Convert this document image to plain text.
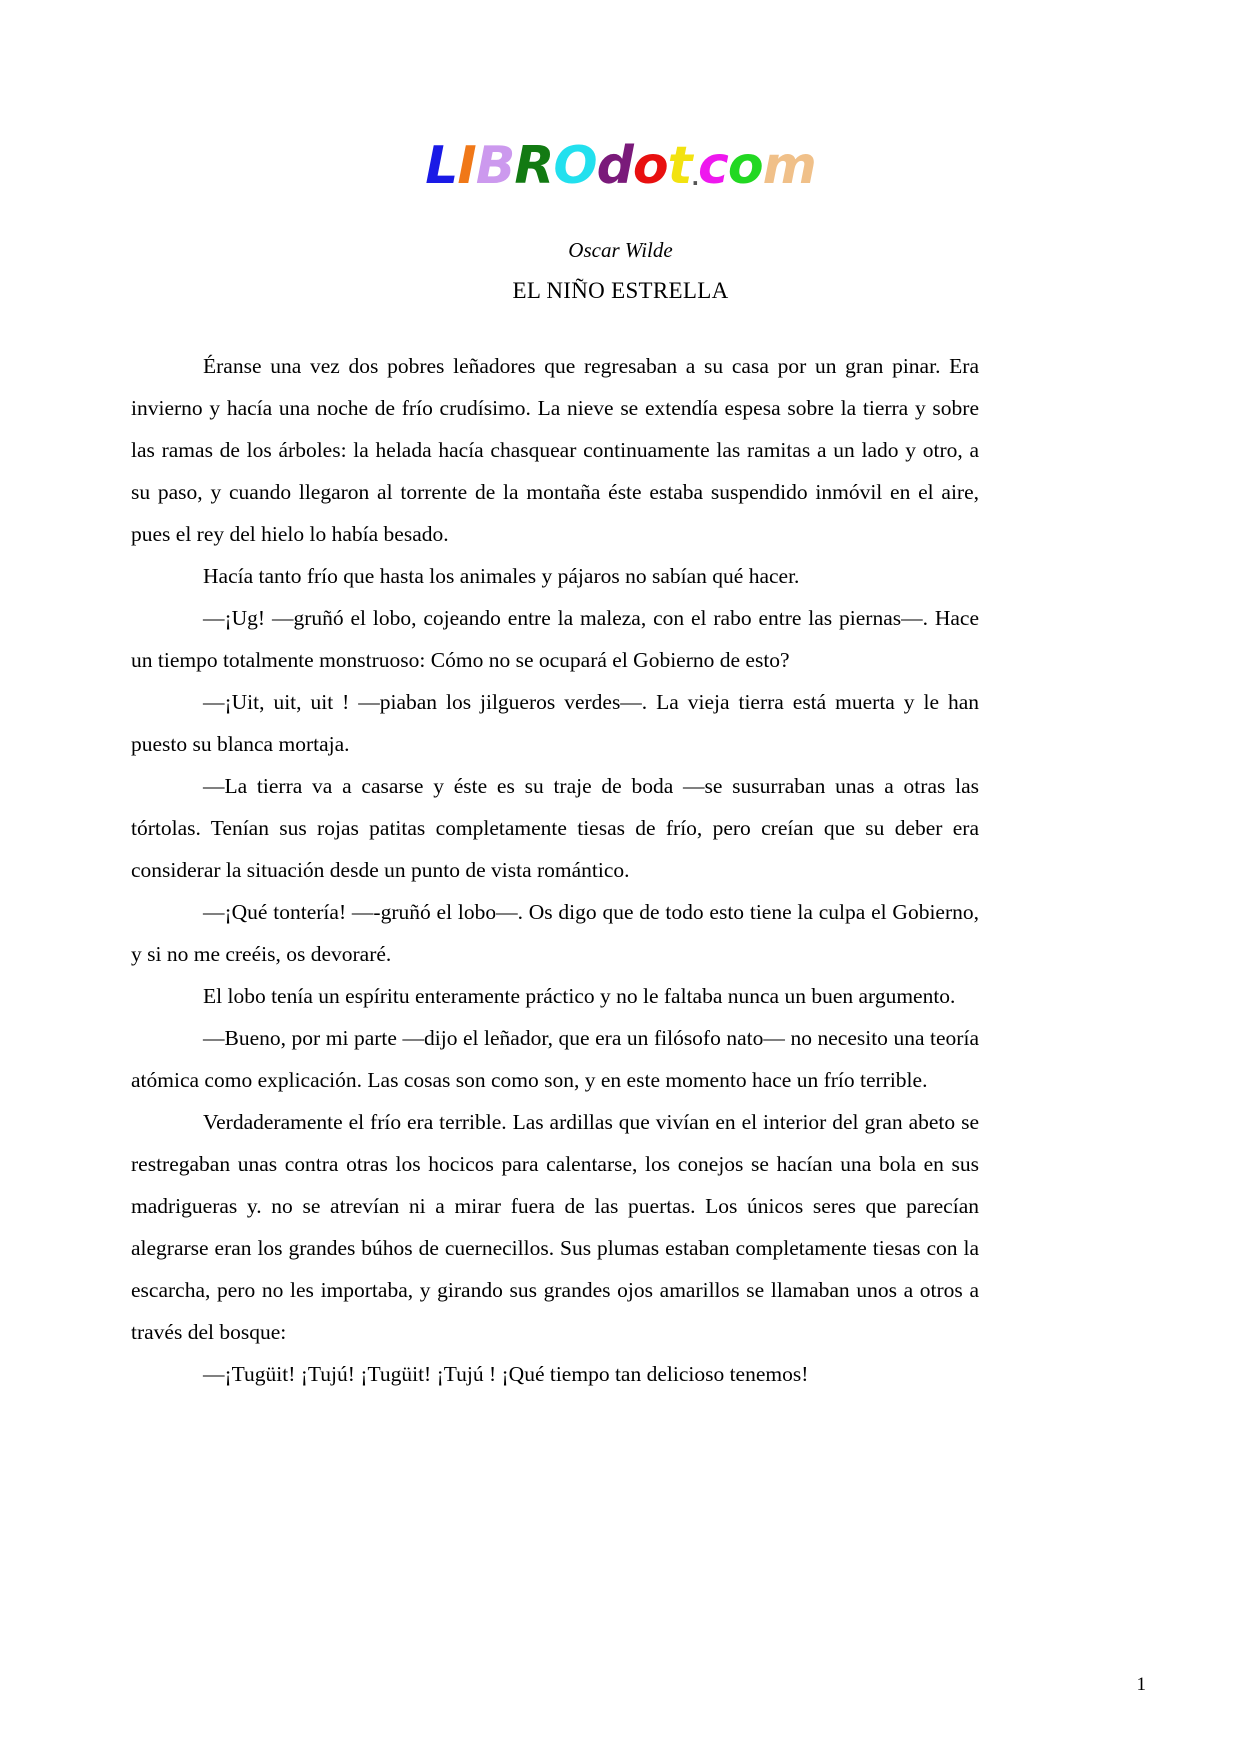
LIBROdot.com
Oscar Wilde
EL NIÑO ESTRELLA

Éranse una vez dos pobres leñadores que regresaban a su casa por un gran pinar. Era invierno y hacía una noche de frío crudísimo. La nieve se extendía espesa sobre la tierra y sobre las ramas de los árboles: la helada hacía chasquear continuamente las ramitas a un lado y otro, a su paso, y cuando llegaron al torrente de la montaña éste estaba suspendido inmóvil en el aire, pues el rey del hielo lo había besado.

Hacía tanto frío que hasta los animales y pájaros no sabían qué hacer.

—¡Ug! —gruñó el lobo, cojeando entre la maleza, con el rabo entre las piernas—. Hace un tiempo totalmente monstruoso: Cómo no se ocupará el Gobierno de esto?

—¡Uit, uit, uit ! —piaban los jilgueros verdes—. La vieja tierra está muerta y le han puesto su blanca mortaja.

—La tierra va a casarse y éste es su traje de boda —se susurraban unas a otras las tórtolas. Tenían sus rojas patitas completamente tiesas de frío, pero creían que su deber era considerar la situación desde un punto de vista romántico.

—¡Qué tontería! —-gruñó el lobo—. Os digo que de todo esto tiene la culpa el Gobierno, y si no me creéis, os devoraré.

El lobo tenía un espíritu enteramente práctico y no le faltaba nunca un buen argumento.

—Bueno, por mi parte —dijo el leñador, que era un filósofo nato— no necesito una teoría atómica como explicación. Las cosas son como son, y en este momento hace un frío terrible.

Verdaderamente el frío era terrible. Las ardillas que vivían en el interior del gran abeto se restregaban unas contra otras los hocicos para calentarse, los conejos se hacían una bola en sus madrigueras y. no se atrevían ni a mirar fuera de las puertas. Los únicos seres que parecían alegrarse eran los grandes búhos de cuernecillos. Sus plumas estaban completamente tiesas con la escarcha, pero no les importaba, y girando sus grandes ojos amarillos se llamaban unos a otros a través del bosque:

—¡Tugüit! ¡Tujú! ¡Tugüit! ¡Tujú ! ¡Qué tiempo tan delicioso tenemos!

1
